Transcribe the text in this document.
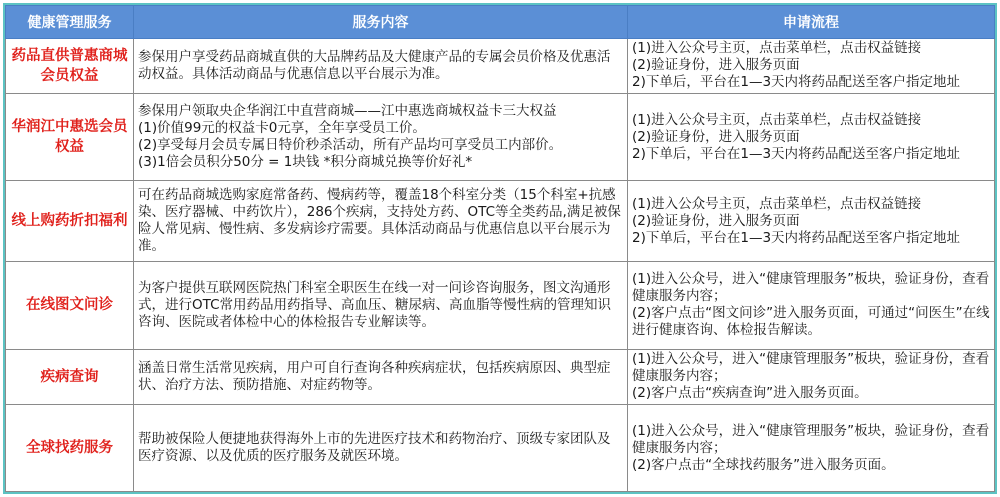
健康管理服务	服务内容	申请流程
药品直供普惠商城会员权益	参保用户享受药品商城直供的大品牌药品及大健康产品的专属会员价格及优惠活动权益。具体活动商品与优惠信息以平台展示为准。	(1)进入公众号主页，点击菜单栏，点击权益链接
(2)验证身份，进入服务页面
2)下单后，平台在1—3天内将药品配送至客户指定地址

华润江中惠选会员权益	参保用户领取央企华润江中直营商城——江中惠选商城权益卡三大权益
(1)价值99元的权益卡0元享，全年享受员工价。
(2)享受每月会员专属日特价秒杀活动，所有产品均可享受员工内部价。
(3)1倍会员积分50分 = 1块钱 *积分商城兑换等价好礼*	(1)进入公众号主页，点击菜单栏，点击权益链接
(2)验证身份，进入服务页面
2)下单后，平台在1—3天内将药品配送至客户指定地址

线上购药折扣福利	可在药品商城选购家庭常备药、慢病药等，覆盖18个科室分类（15个科室+抗感染、医疗器械、中药饮片），286个疾病，支持处方药、OTC等全类药品,满足被保险人常见病、慢性病、多发病诊疗需要。具体活动商品与优惠信息以平台展示为准。	(1)进入公众号主页，点击菜单栏，点击权益链接
(2)验证身份，进入服务页面
2)下单后，平台在1—3天内将药品配送至客户指定地址

在线图文问诊	为客户提供互联网医院热门科室全职医生在线一对一问诊咨询服务，图文沟通形式，进行OTC常用药品用药指导、高血压、糖尿病、高血脂等慢性病的管理知识咨询、医院或者体检中心的体检报告专业解读等。	(1)进入公众号，进入“健康管理服务”板块，验证身份，查看健康服务内容；
(2)客户点击“图文问诊”进入服务页面，可通过“问医生”在线进行健康咨询、体检报告解读。

疾病查询	涵盖日常生活常见疾病，用户可自行查询各种疾病症状，包括疾病原因、典型症状、治疗方法、预防措施、对症药物等。	(1)进入公众号，进入“健康管理服务”板块，验证身份，查看健康服务内容；
(2)客户点击“疾病查询”进入服务页面。

全球找药服务	帮助被保险人便捷地获得海外上市的先进医疗技术和药物治疗、顶级专家团队及医疗资源、以及优质的医疗服务及就医环境。	(1)进入公众号，进入“健康管理服务”板块，验证身份，查看健康服务内容；
(2)客户点击“全球找药服务”进入服务页面。
